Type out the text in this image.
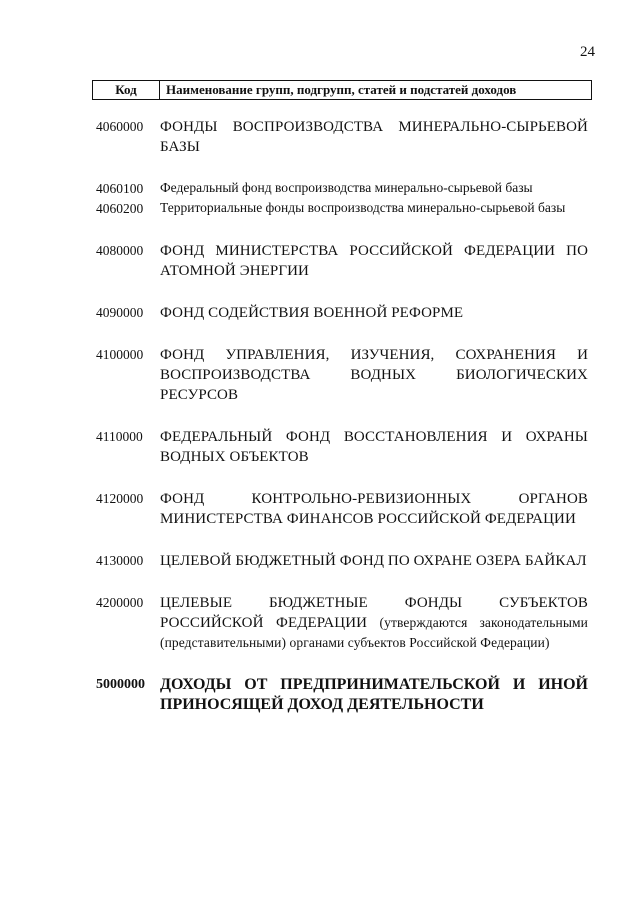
24
Код	Наименование групп, подгрупп, статей и подстатей доходов
4060000	ФОНДЫ ВОСПРОИЗВОДСТВА МИНЕРАЛЬНО-СЫРЬЕВОЙ БАЗЫ
4060100	Федеральный фонд воспроизводства минерально-сырьевой базы
4060200	Территориальные фонды воспроизводства минерально-сырьевой базы
4080000	ФОНД МИНИСТЕРСТВА РОССИЙСКОЙ ФЕДЕРАЦИИ ПО АТОМНОЙ ЭНЕРГИИ
4090000	ФОНД СОДЕЙСТВИЯ ВОЕННОЙ РЕФОРМЕ
4100000	ФОНД УПРАВЛЕНИЯ, ИЗУЧЕНИЯ, СОХРАНЕНИЯ И ВОСПРОИЗВОДСТВА ВОДНЫХ БИОЛОГИЧЕСКИХ РЕСУРСОВ
4110000	ФЕДЕРАЛЬНЫЙ ФОНД ВОССТАНОВЛЕНИЯ И ОХРАНЫ ВОДНЫХ ОБЪЕКТОВ
4120000	ФОНД КОНТРОЛЬНО-РЕВИЗИОННЫХ ОРГАНОВ МИНИСТЕРСТВА ФИНАНСОВ РОССИЙСКОЙ ФЕДЕРАЦИИ
4130000	ЦЕЛЕВОЙ БЮДЖЕТНЫЙ ФОНД ПО ОХРАНЕ ОЗЕРА БАЙКАЛ
4200000	ЦЕЛЕВЫЕ БЮДЖЕТНЫЕ ФОНДЫ СУБЪЕКТОВ РОССИЙСКОЙ ФЕДЕРАЦИИ (утверждаются законодательными (представительными) органами субъектов Российской Федерации)
5000000 ДОХОДЫ ОТ ПРЕДПРИНИМАТЕЛЬСКОЙ И ИНОЙ ПРИНОСЯЩЕЙ ДОХОД ДЕЯТЕЛЬНОСТИ
